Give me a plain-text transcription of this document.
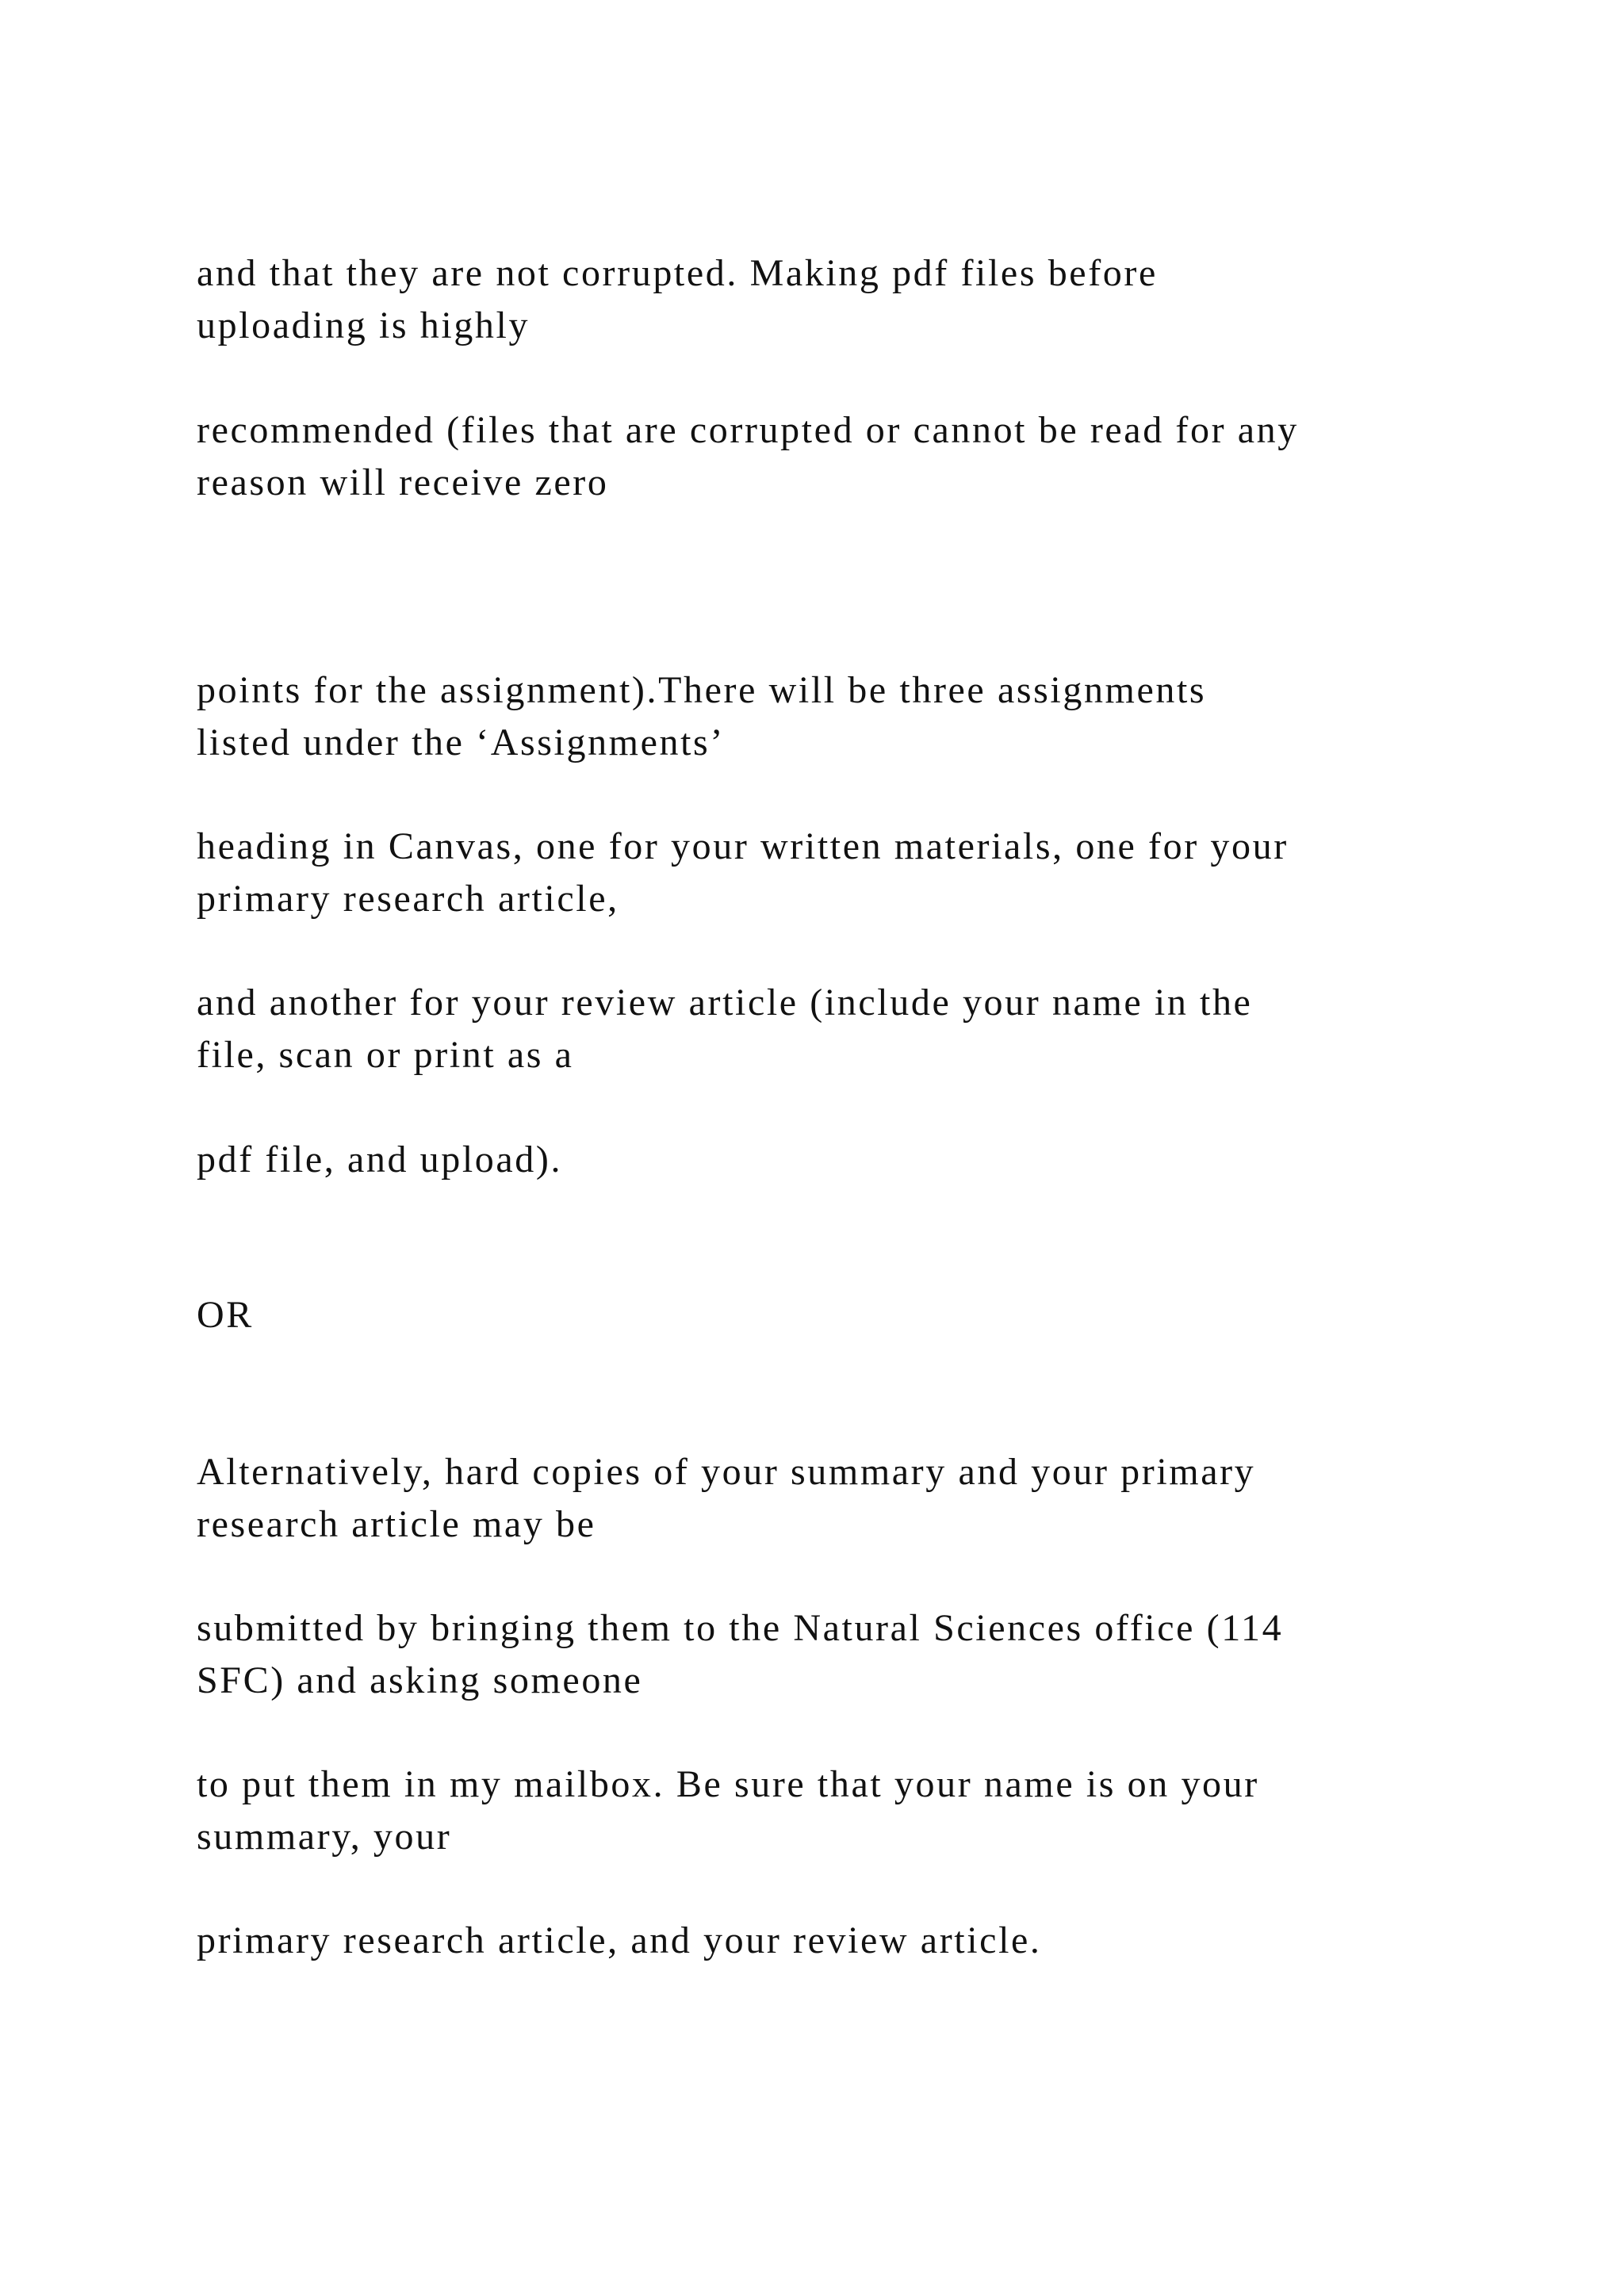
and that they are not corrupted. Making pdf files before
uploading is highly

recommended (files that are corrupted or cannot be read for any
reason will receive zero

points for the assignment).There will be three assignments
listed under the ‘Assignments’

heading in Canvas, one for your written materials, one for your
primary research article,

and another for your review article (include your name in the
file, scan or print as a

pdf file, and upload).

OR

Alternatively, hard copies of your summary and your primary
research article may be

submitted by bringing them to the Natural Sciences office (114
SFC) and asking someone

to put them in my mailbox. Be sure that your name is on your
summary, your

primary research article, and your review article.
